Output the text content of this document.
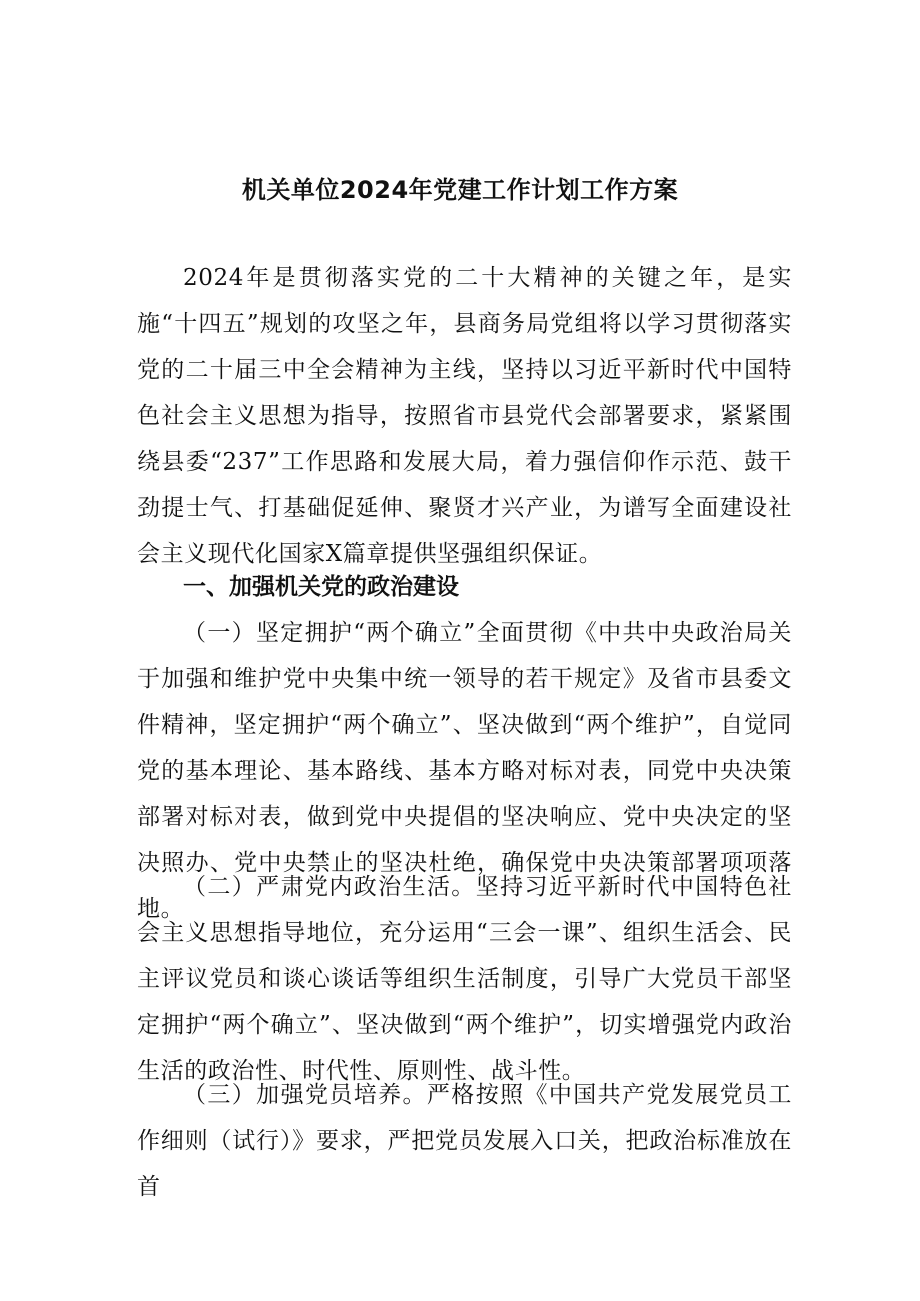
机关单位2024年党建工作计划工作方案

2024年是贯彻落实党的二十大精神的关键之年，是实施“十四五”规划的攻坚之年，县商务局党组将以学习贯彻落实党的二十届三中全会精神为主线，坚持以习近平新时代中国特色社会主义思想为指导，按照省市县党代会部署要求，紧紧围绕县委“237”工作思路和发展大局，着力强信仰作示范、鼓干劲提士气、打基础促延伸、聚贤才兴产业，为谱写全面建设社会主义现代化国家X篇章提供坚强组织保证。

一、加强机关党的政治建设

（一）坚定拥护“两个确立”全面贯彻《中共中央政治局关于加强和维护党中央集中统一领导的若干规定》及省市县委文件精神，坚定拥护“两个确立”、坚决做到“两个维护”，自觉同党的基本理论、基本路线、基本方略对标对表，同党中央决策部署对标对表，做到党中央提倡的坚决响应、党中央决定的坚决照办、党中央禁止的坚决杜绝，确保党中央决策部署项项落地。

（二）严肃党内政治生活。坚持习近平新时代中国特色社会主义思想指导地位，充分运用“三会一课”、组织生活会、民主评议党员和谈心谈话等组织生活制度，引导广大党员干部坚定拥护“两个确立”、坚决做到“两个维护”，切实增强党内政治生活的政治性、时代性、原则性、战斗性。

（三）加强党员培养。严格按照《中国共产党发展党员工作细则（试行）》要求，严把党员发展入口关，把政治标准放在首
